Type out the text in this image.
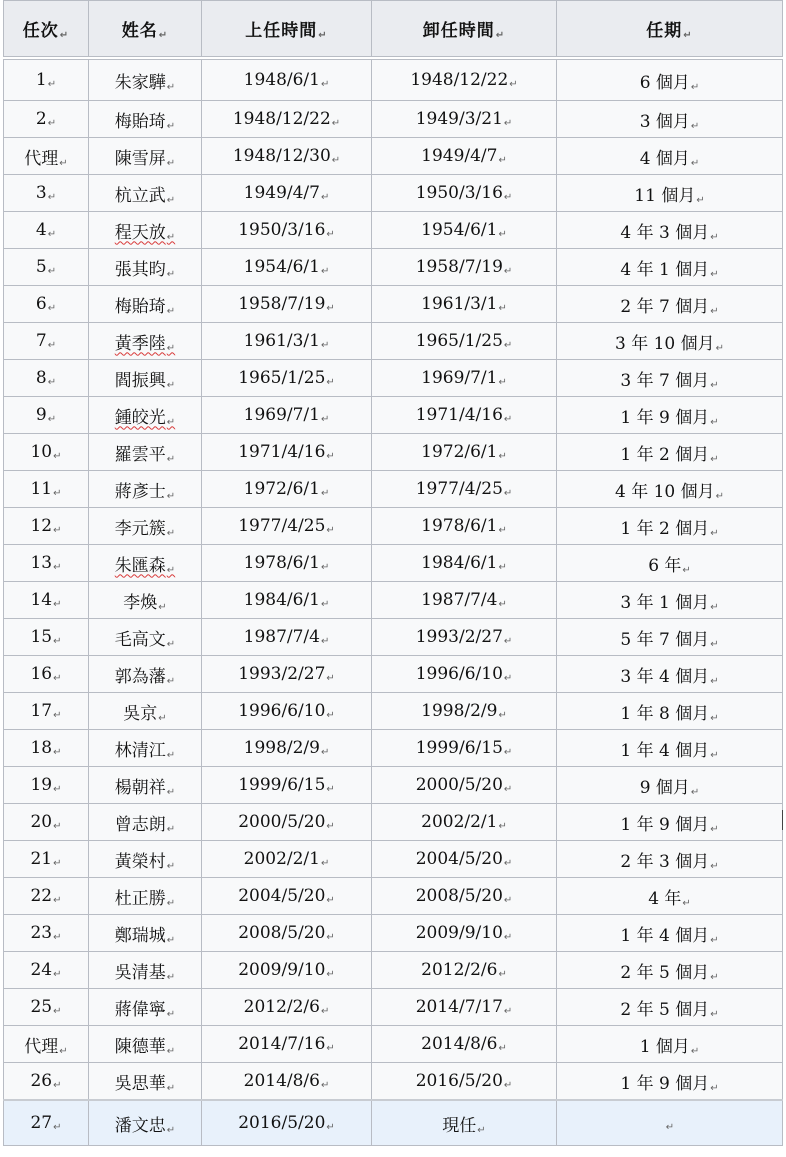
任次 ↵	姓名 ↵	上任時間 ↵	卸任時間 ↵	任期 ↵

1 ↵	朱家驊 ↵	1948/6/1 ↵	1948/12/22 ↵	6 個月 ↵
2 ↵	梅貽琦 ↵	1948/12/22 ↵	1949/3/21 ↵	3 個月 ↵
代理 ↵	陳雪屏 ↵	1948/12/30 ↵	1949/4/7 ↵	4 個月 ↵
3 ↵	杭立武 ↵	1949/4/7 ↵	1950/3/16 ↵	11 個月 ↵
4 ↵	程天放 ↵	1950/3/16 ↵	1954/6/1 ↵	4 年 3 個月 ↵
5 ↵	張其昀 ↵	1954/6/1 ↵	1958/7/19 ↵	4 年 1 個月 ↵
6 ↵	梅貽琦 ↵	1958/7/19 ↵	1961/3/1 ↵	2 年 7 個月 ↵
7 ↵	黃季陸 ↵	1961/3/1 ↵	1965/1/25 ↵	3 年 10 個月 ↵
8 ↵	閻振興 ↵	1965/1/25 ↵	1969/7/1 ↵	3 年 7 個月 ↵
9 ↵	鍾皎光 ↵	1969/7/1 ↵	1971/4/16 ↵	1 年 9 個月 ↵
10 ↵	羅雲平 ↵	1971/4/16 ↵	1972/6/1 ↵	1 年 2 個月 ↵
11 ↵	蔣彥士 ↵	1972/6/1 ↵	1977/4/25 ↵	4 年 10 個月 ↵
12 ↵	李元簇 ↵	1977/4/25 ↵	1978/6/1 ↵	1 年 2 個月 ↵
13 ↵	朱匯森 ↵	1978/6/1 ↵	1984/6/1 ↵	6 年 ↵
14 ↵	李煥 ↵	1984/6/1 ↵	1987/7/4 ↵	3 年 1 個月 ↵
15 ↵	毛高文 ↵	1987/7/4 ↵	1993/2/27 ↵	5 年 7 個月 ↵
16 ↵	郭為藩 ↵	1993/2/27 ↵	1996/6/10 ↵	3 年 4 個月 ↵
17 ↵	吳京 ↵	1996/6/10 ↵	1998/2/9 ↵	1 年 8 個月 ↵
18 ↵	林清江 ↵	1998/2/9 ↵	1999/6/15 ↵	1 年 4 個月 ↵
19 ↵	楊朝祥 ↵	1999/6/15 ↵	2000/5/20 ↵	9 個月 ↵
20 ↵	曾志朗 ↵	2000/5/20 ↵	2002/2/1 ↵	1 年 9 個月 ↵
21 ↵	黃榮村 ↵	2002/2/1 ↵	2004/5/20 ↵	2 年 3 個月 ↵
22 ↵	杜正勝 ↵	2004/5/20 ↵	2008/5/20 ↵	4 年 ↵
23 ↵	鄭瑞城 ↵	2008/5/20 ↵	2009/9/10 ↵	1 年 4 個月 ↵
24 ↵	吳清基 ↵	2009/9/10 ↵	2012/2/6 ↵	2 年 5 個月 ↵
25 ↵	蔣偉寧 ↵	2012/2/6 ↵	2014/7/17 ↵	2 年 5 個月 ↵
代理 ↵	陳德華 ↵	2014/7/16 ↵	2014/8/6 ↵	1 個月 ↵
26 ↵	吳思華 ↵	2014/8/6 ↵	2016/5/20 ↵	1 年 9 個月 ↵
27 ↵	潘文忠 ↵	2016/5/20 ↵	現任 ↵	↵
